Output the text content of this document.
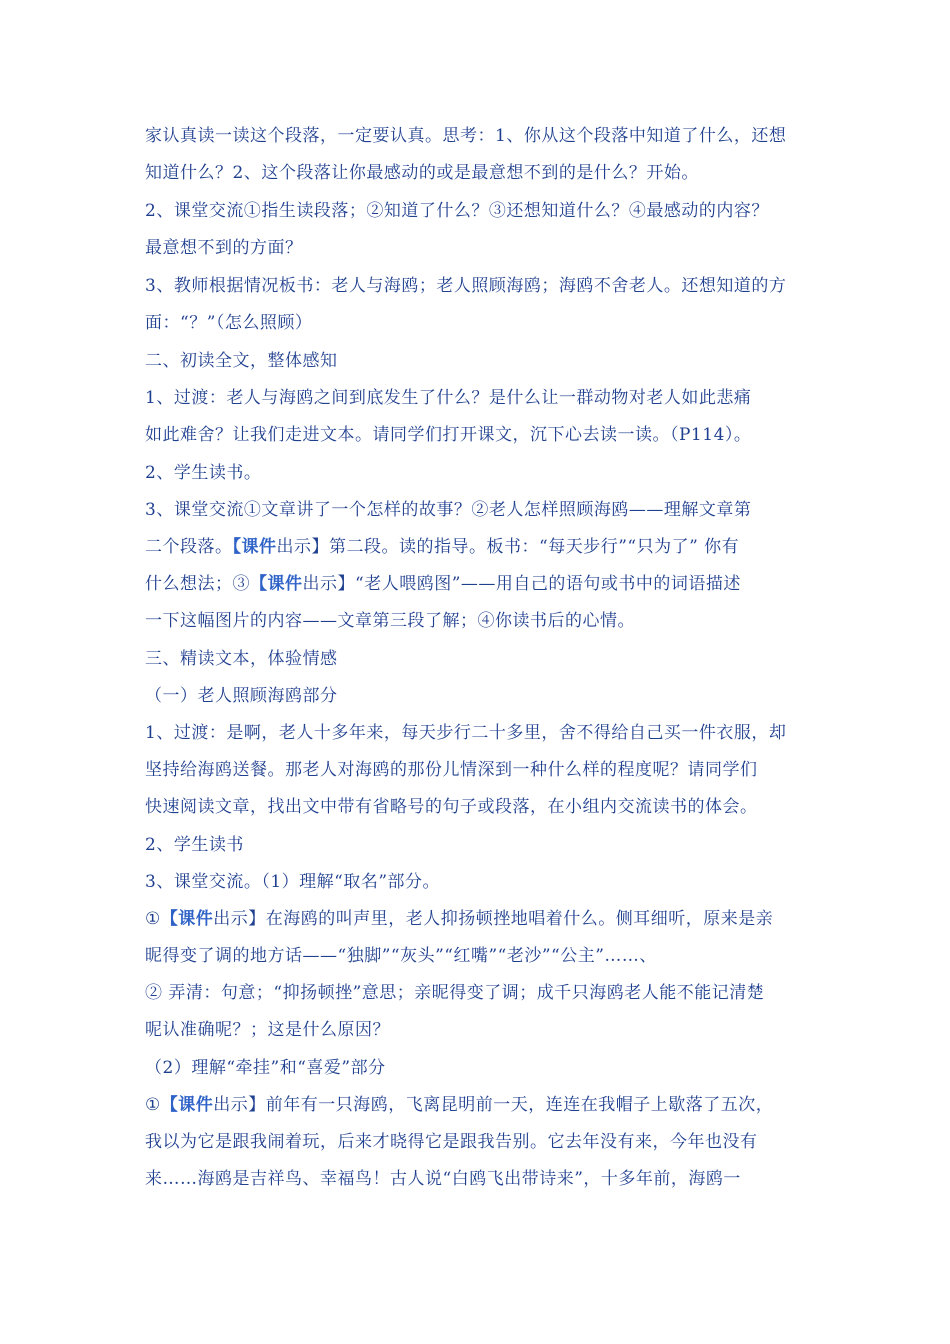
家认真读一读这个段落，一定要认真。思考：1、你从这个段落中知道了什么，还想
知道什么？2、这个段落让你最感动的或是最意想不到的是什么？开始。
2、课堂交流①指生读段落；②知道了什么？③还想知道什么？④最感动的内容？
最意想不到的方面？
3、教师根据情况板书：老人与海鸥；老人照顾海鸥；海鸥不舍老人。还想知道的方
面：“？”（怎么照顾）
二、初读全文，整体感知
1、过渡：老人与海鸥之间到底发生了什么？是什么让一群动物对老人如此悲痛
如此难舍？让我们走进文本。请同学们打开课文，沉下心去读一读。（P114）。
2、学生读书。
3、课堂交流①文章讲了一个怎样的故事？②老人怎样照顾海鸥——理解文章第
二个段落。【课件出示】第二段。读的指导。板书：“每天步行”“只为了” 你有
什么想法；③【课件出示】“老人喂鸥图”——用自己的语句或书中的词语描述
一下这幅图片的内容——文章第三段了解；④你读书后的心情。
三、精读文本，体验情感
（一）老人照顾海鸥部分
1、过渡：是啊，老人十多年来，每天步行二十多里，舍不得给自己买一件衣服，却
坚持给海鸥送餐。那老人对海鸥的那份儿情深到一种什么样的程度呢？请同学们
快速阅读文章，找出文中带有省略号的句子或段落，在小组内交流读书的体会。
2、学生读书
3、课堂交流。（1）理解“取名”部分。
①【课件出示】在海鸥的叫声里，老人抑扬顿挫地唱着什么。侧耳细听，原来是亲
昵得变了调的地方话——“独脚”“灰头”“红嘴”“老沙”“公主”……、
② 弄清：句意；“抑扬顿挫”意思；亲昵得变了调；成千只海鸥老人能不能记清楚
呢认准确呢？；这是什么原因？
（2）理解“牵挂”和“喜爱”部分
①【课件出示】前年有一只海鸥，飞离昆明前一天，连连在我帽子上歇落了五次，
我以为它是跟我闹着玩，后来才晓得它是跟我告别。它去年没有来，今年也没有
来……海鸥是吉祥鸟、幸福鸟！古人说“白鸥飞出带诗来”，十多年前，海鸥一
